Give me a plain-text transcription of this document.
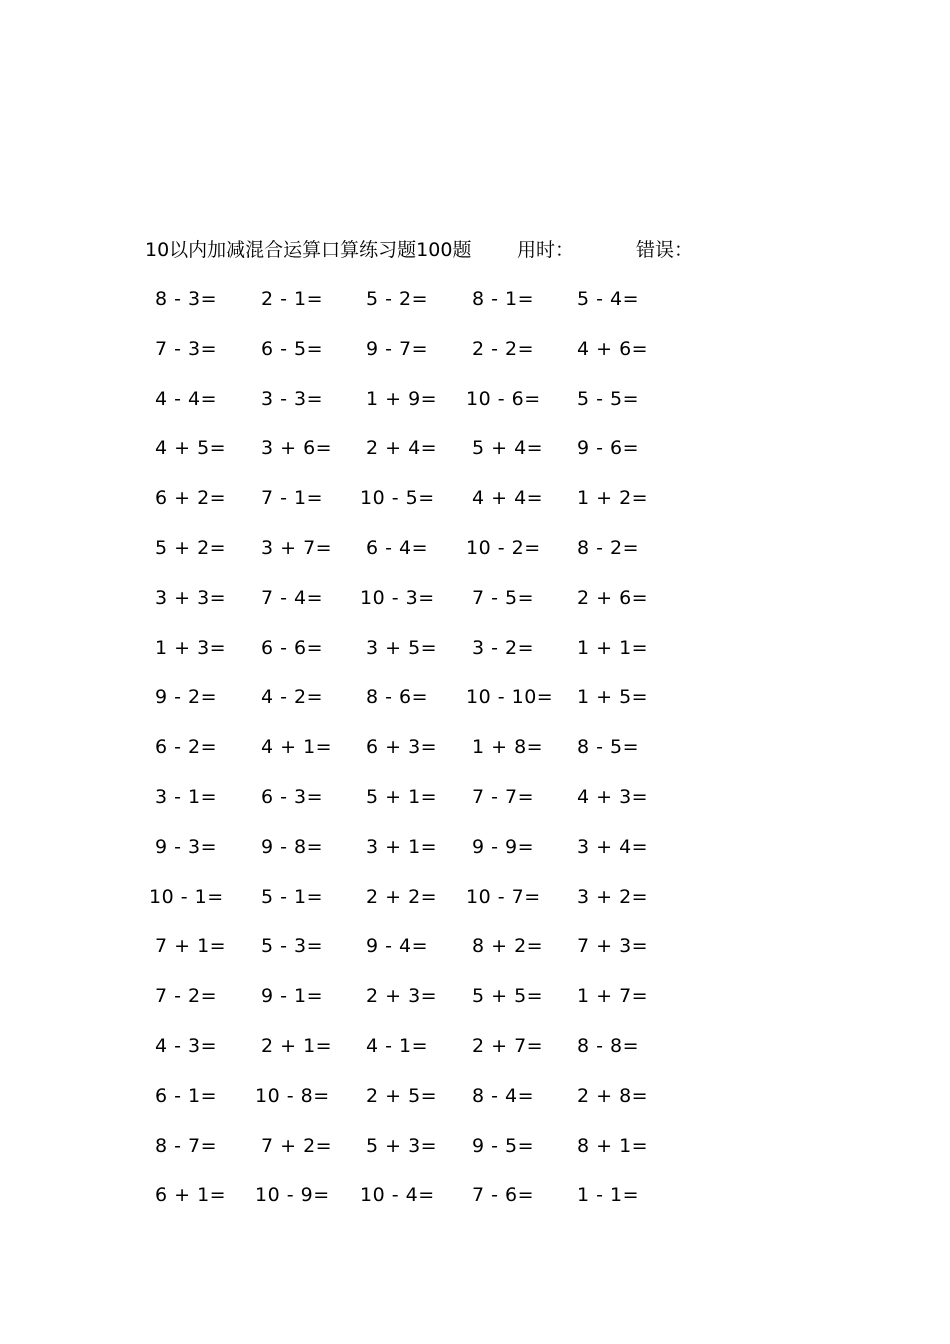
10以内加减混合运算口算练习题100题 用时：	错误：
8 - 3= 2 - 1= 5 - 2= 8 - 1= 5 - 4=
7 - 3= 6 - 5= 9 - 7= 2 - 2= 4 + 6=
4 - 4= 3 - 3= 1 + 9= 10 - 6= 5 - 5=
4 + 5= 3 + 6= 2 + 4= 5 + 4= 9 - 6=
6 + 2= 7 - 1= 10 - 5= 4 + 4= 1 + 2=
5 + 2= 3 + 7= 6 - 4= 10 - 2= 8 - 2=
3 + 3= 7 - 4= 10 - 3= 7 - 5= 2 + 6=
1 + 3= 6 - 6= 3 + 5= 3 - 2= 1 + 1=
9 - 2= 4 - 2= 8 - 6= 10 - 10= 1 + 5=
6 - 2= 4 + 1= 6 + 3= 1 + 8= 8 - 5=
3 - 1= 6 - 3= 5 + 1= 7 - 7= 4 + 3=
9 - 3= 9 - 8= 3 + 1= 9 - 9= 3 + 4=
10 - 1= 5 - 1= 2 + 2= 10 - 7= 3 + 2=
7 + 1= 5 - 3= 9 - 4= 8 + 2= 7 + 3=
7 - 2= 9 - 1= 2 + 3= 5 + 5= 1 + 7=
4 - 3= 2 + 1= 4 - 1= 2 + 7= 8 - 8=
6 - 1= 10 - 8= 2 + 5= 8 - 4= 2 + 8=
8 - 7= 7 + 2= 5 + 3= 9 - 5= 8 + 1=
6 + 1= 10 - 9= 10 - 4= 7 - 6= 1 - 1=
